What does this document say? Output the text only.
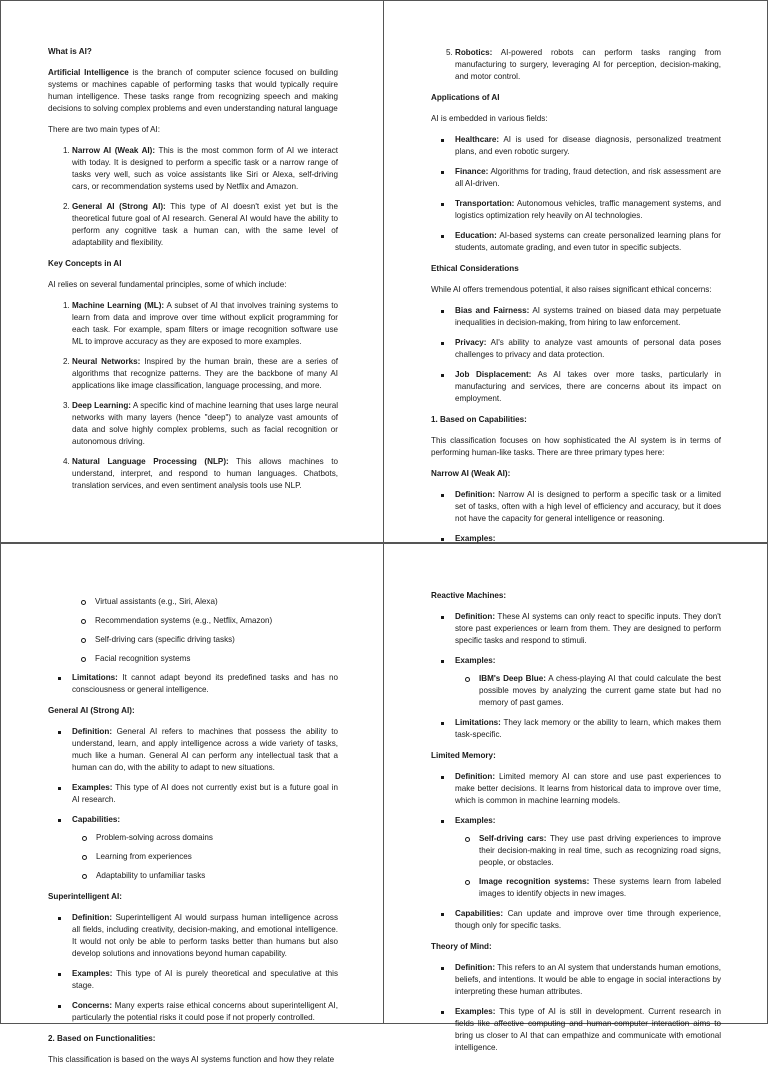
What is AI?
Artificial Intelligence is the branch of computer science focused on building systems or machines capable of performing tasks that would typically require human intelligence. These tasks range from recognizing speech and making decisions to solving complex problems and even understanding natural language
There are two main types of AI:
1. Narrow AI (Weak AI): This is the most common form of AI we interact with today. It is designed to perform a specific task or a narrow range of tasks very well, such as voice assistants like Siri or Alexa, self-driving cars, or recommendation systems used by Netflix and Amazon.
2. General AI (Strong AI): This type of AI doesn't exist yet but is the theoretical future goal of AI research. General AI would have the ability to perform any cognitive task a human can, with the same level of adaptability and flexibility.
Key Concepts in AI
AI relies on several fundamental principles, some of which include:
1. Machine Learning (ML): A subset of AI that involves training systems to learn from data and improve over time without explicit programming for each task. For example, spam filters or image recognition software use ML to improve accuracy as they are exposed to more examples.
2. Neural Networks: Inspired by the human brain, these are a series of algorithms that recognize patterns. They are the backbone of many AI applications like image classification, language processing, and more.
3. Deep Learning: A specific kind of machine learning that uses large neural networks with many layers (hence "deep") to analyze vast amounts of data and solve highly complex problems, such as facial recognition or autonomous driving.
4. Natural Language Processing (NLP): This allows machines to understand, interpret, and respond to human languages. Chatbots, translation services, and even sentiment analysis tools use NLP.
5. Robotics: AI-powered robots can perform tasks ranging from manufacturing to surgery, leveraging AI for perception, decision-making, and motor control.
Applications of AI
AI is embedded in various fields:
Healthcare: AI is used for disease diagnosis, personalized treatment plans, and even robotic surgery.
Finance: Algorithms for trading, fraud detection, and risk assessment are all AI-driven.
Transportation: Autonomous vehicles, traffic management systems, and logistics optimization rely heavily on AI technologies.
Education: AI-based systems can create personalized learning plans for students, automate grading, and even tutor in specific subjects.
Ethical Considerations
While AI offers tremendous potential, it also raises significant ethical concerns:
Bias and Fairness: AI systems trained on biased data may perpetuate inequalities in decision-making, from hiring to law enforcement.
Privacy: AI's ability to analyze vast amounts of personal data poses challenges to privacy and data protection.
Job Displacement: As AI takes over more tasks, particularly in manufacturing and services, there are concerns about its impact on employment.
1. Based on Capabilities:
This classification focuses on how sophisticated the AI system is in terms of performing human-like tasks. There are three primary types here:
Narrow AI (Weak AI):
Definition: Narrow AI is designed to perform a specific task or a limited set of tasks, often with a high level of efficiency and accuracy, but it does not have the capacity for general intelligence or reasoning.
Examples:
Virtual assistants (e.g., Siri, Alexa)
Recommendation systems (e.g., Netflix, Amazon)
Self-driving cars (specific driving tasks)
Facial recognition systems
Limitations: It cannot adapt beyond its predefined tasks and has no consciousness or general intelligence.
General AI (Strong AI):
Definition: General AI refers to machines that possess the ability to understand, learn, and apply intelligence across a wide variety of tasks, much like a human. General AI can perform any intellectual task that a human can do, with the ability to adapt to new situations.
Examples: This type of AI does not currently exist but is a future goal in AI research.
Capabilities:
Problem-solving across domains
Learning from experiences
Adaptability to unfamiliar tasks
Superintelligent AI:
Definition: Superintelligent AI would surpass human intelligence across all fields, including creativity, decision-making, and emotional intelligence. It would not only be able to perform tasks better than humans but also develop solutions and innovations beyond human capability.
Examples: This type of AI is purely theoretical and speculative at this stage.
Concerns: Many experts raise ethical concerns about superintelligent AI, particularly the potential risks it could pose if not properly controlled.
2. Based on Functionalities:
This classification is based on the ways AI systems function and how they relate
Reactive Machines:
Definition: These AI systems can only react to specific inputs. They don't store past experiences or learn from them. They are designed to perform specific tasks and respond to stimuli.
Examples:
IBM's Deep Blue: A chess-playing AI that could calculate the best possible moves by analyzing the current game state but had no memory of past games.
Limitations: They lack memory or the ability to learn, which makes them task-specific.
Limited Memory:
Definition: Limited memory AI can store and use past experiences to make better decisions. It learns from historical data to improve over time, which is common in machine learning models.
Examples:
Self-driving cars: They use past driving experiences to improve their decision-making in real time, such as recognizing road signs, people, or obstacles.
Image recognition systems: These systems learn from labeled images to identify objects in new images.
Capabilities: Can update and improve over time through experience, though only for specific tasks.
Theory of Mind:
Definition: This refers to an AI system that understands human emotions, beliefs, and intentions. It would be able to engage in social interactions by interpreting these human attributes.
Examples: This type of AI is still in development. Current research in fields like affective computing and human-computer interaction aims to bring us closer to AI that can empathize and communicate with emotional intelligence.
